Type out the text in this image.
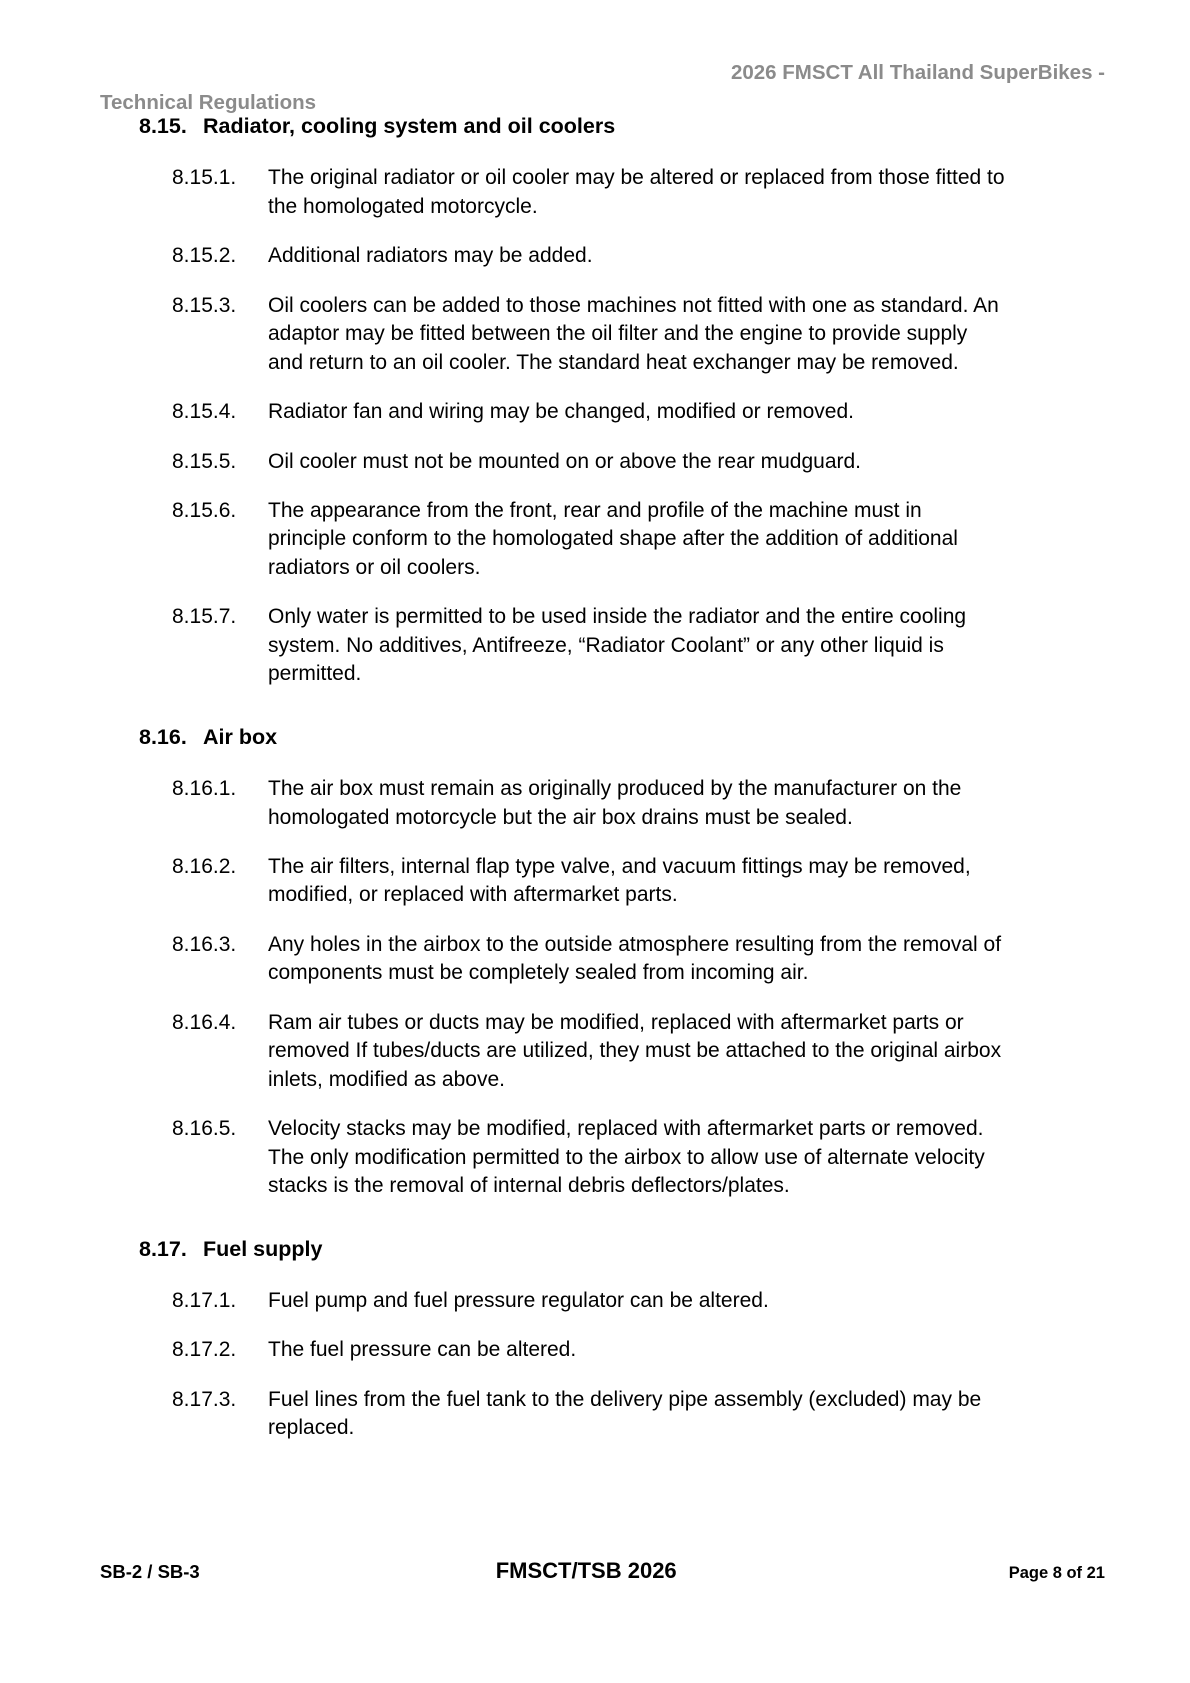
2026 FMSCT All Thailand SuperBikes -
Technical Regulations
8.15. Radiator, cooling system and oil coolers
8.15.1.	The original radiator or oil cooler may be altered or replaced from those fitted to the homologated motorcycle.
8.15.2.	Additional radiators may be added.
8.15.3.	Oil coolers can be added to those machines not fitted with one as standard. An adaptor may be fitted between the oil filter and the engine to provide supply and return to an oil cooler. The standard heat exchanger may be removed.
8.15.4.	Radiator fan and wiring may be changed, modified or removed.
8.15.5.	Oil cooler must not be mounted on or above the rear mudguard.
8.15.6.	The appearance from the front, rear and profile of the machine must in principle conform to the homologated shape after the addition of additional radiators or oil coolers.
8.15.7.	Only water is permitted to be used inside the radiator and the entire cooling system. No additives, Antifreeze, “Radiator Coolant” or any other liquid is permitted.
8.16. Air box
8.16.1.	The air box must remain as originally produced by the manufacturer on the homologated motorcycle but the air box drains must be sealed.
8.16.2.	The air filters, internal flap type valve, and vacuum fittings may be removed, modified, or replaced with aftermarket parts.
8.16.3.	Any holes in the airbox to the outside atmosphere resulting from the removal of components must be completely sealed from incoming air.
8.16.4.	Ram air tubes or ducts may be modified, replaced with aftermarket parts or removed If tubes/ducts are utilized, they must be attached to the original airbox inlets, modified as above.
8.16.5.	Velocity stacks may be modified, replaced with aftermarket parts or removed. The only modification permitted to the airbox to allow use of alternate velocity stacks is the removal of internal debris deflectors/plates.
8.17. Fuel supply
8.17.1.	Fuel pump and fuel pressure regulator can be altered.
8.17.2.	The fuel pressure can be altered.
8.17.3.	Fuel lines from the fuel tank to the delivery pipe assembly (excluded) may be replaced.
SB-2 / SB-3	FMSCT/TSB 2026	Page 8 of 21
